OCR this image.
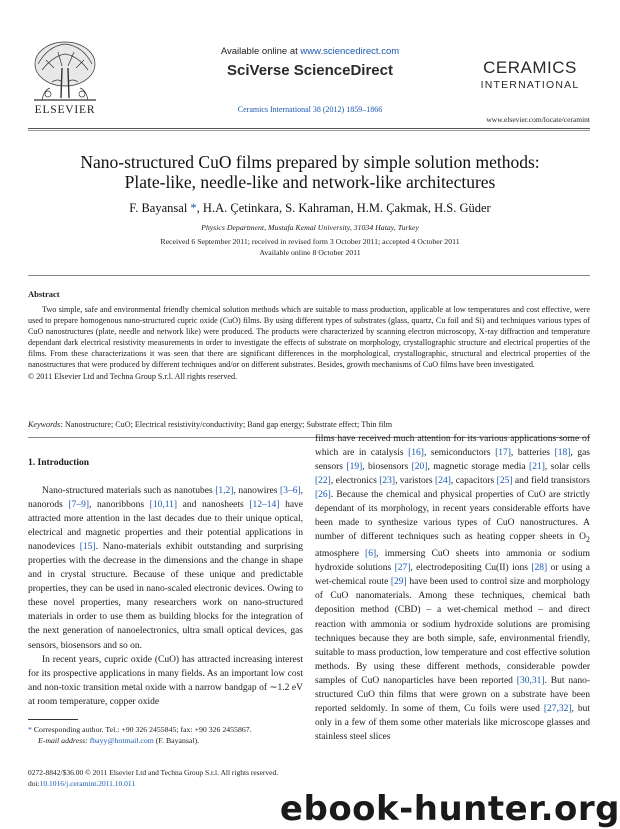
ELSEVIER
Available online at www.sciencedirect.com
SciVerse ScienceDirect
Ceramics International 38 (2012) 1859–1866
CERAMICS
INTERNATIONAL
www.elsevier.com/locate/ceramint
Nano-structured CuO films prepared by simple solution methods:
Plate-like, needle-like and network-like architectures
F. Bayansal *, H.A. Çetinkara, S. Kahraman, H.M. Çakmak, H.S. Güder
Physics Department, Mustafa Kemal University, 31034 Hatay, Turkey
Received 6 September 2011; received in revised form 3 October 2011; accepted 4 October 2011
Available online 8 October 2011
Abstract
Two simple, safe and environmental friendly chemical solution methods which are suitable to mass production, applicable at low temperatures and cost effective, were used to prepare homogenous nano-structured cupric oxide (CuO) films. By using different types of substrates (glass, quartz, Cu foil and Si) and techniques various types of CuO nanostructures (plate, needle and network like) were produced. The products were characterized by scanning electron microscopy, X-ray diffraction and temperature dependant dark electrical resistivity measurements in order to investigate the effects of substrate on morphology, crystallographic structure and electrical properties of the films. From these characterizations it was seen that there are significant differences in the morphological, crystallographic, structural and electrical properties of the nanostructures that were produced by different techniques and/or on different substrates. Besides, growth mechanisms of CuO films have been investigated.
© 2011 Elsevier Ltd and Techna Group S.r.l. All rights reserved.
Keywords: Nanostructure; CuO; Electrical resistivity/conductivity; Band gap energy; Substrate effect; Thin film
1. Introduction

Nano-structured materials such as nanotubes [1,2], nanowires [3–6], nanorods [7–9], nanoribbons [10,11] and nanosheets [12–14] have attracted more attention in the last decades due to their unique optical, electrical and magnetic properties and their potential applications in nanodevices [15]. Nano-materials exhibit outstanding and surprising properties with the decrease in the dimensions and the change in shape and in crystal structure. Because of these unique and predictable properties, they can be used in nano-scaled electronic devices. Owing to these novel properties, many researchers work on nano-structured materials in order to use them as building blocks for the integration of the next generation of nanoelectronics, ultra small optical devices, gas sensors, biosensors and so on.

In recent years, cupric oxide (CuO) has attracted increasing interest for its prospective applications in many fields. As an important low cost and non-toxic transition metal oxide with a narrow bandgap of ∼1.2 eV at room temperature, copper oxide

films have received much attention for its various applications some of which are in catalysis [16], semiconductors [17], batteries [18], gas sensors [19], biosensors [20], magnetic storage media [21], solar cells [22], electronics [23], varistors [24], capacitors [25] and field transistors [26]. Because the chemical and physical properties of CuO are strictly dependant of its morphology, in recent years considerable efforts have been made to synthesize various types of CuO nanostructures. A number of different techniques such as heating copper sheets in $O_2$ atmosphere [6], immersing CuO sheets into ammonia or sodium hydroxide solutions [27], electrodepositing Cu(II) ions [28] or using a wet-chemical route [29] have been used to control size and morphology of CuO nanomaterials. Among these techniques, chemical bath deposition method (CBD) – a wet-chemical method – and direct reaction with ammonia or sodium hydroxide solutions are promising techniques because they are both simple, safe, environmental friendly, suitable to mass production, low temperature and cost effective solution methods. By using these different methods, considerable powder samples of CuO nanoparticles have been reported [30,31]. But nano-structured CuO thin films that were grown on a substrate have been reported seldomly. In some of them, Cu foils were used [27,32], but only in a few of them some other materials like microscope glasses and stainless steel slices

* Corresponding author. Tel.: +90 326 2455845; fax: +90 326 2455867.
E-mail address: fbayy@hotmail.com (F. Bayansal).
0272-8842/$36.00 © 2011 Elsevier Ltd and Techna Group S.r.l. All rights reserved.
doi:10.1016/j.ceramint.2011.10.011
ebook-hunter.org
